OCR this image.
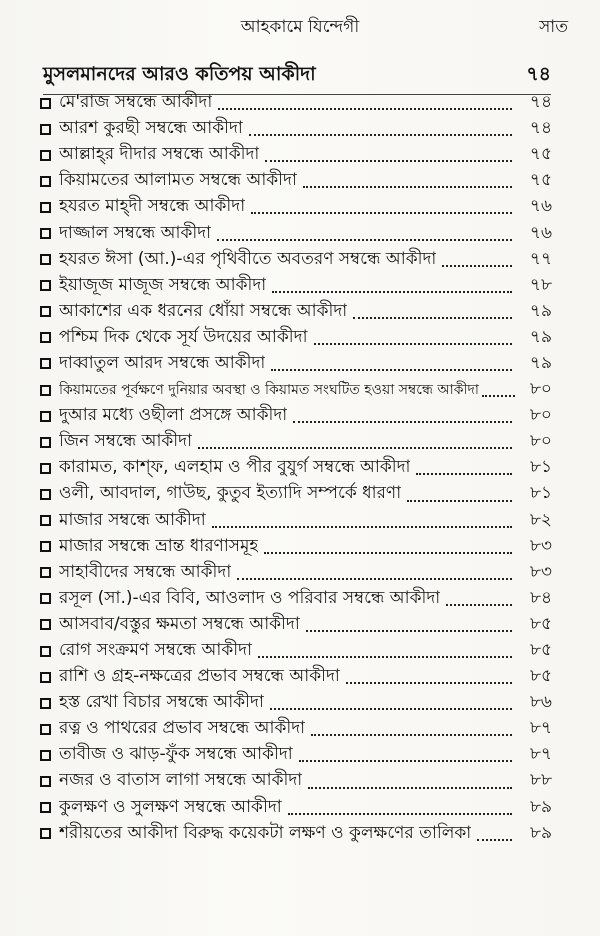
আহকামে যিন্দেগী	সাত
মুসলমানদের আরও কতিপয় আকীদা	৭৪
মে'রাজ সম্বন্ধে আকীদা	৭৪
আরশ কুরছী সম্বন্ধে আকীদা	৭৪
আল্লাহ্‌র দীদার সম্বন্ধে আকীদা	৭৫
কিয়ামতের আলামত সম্বন্ধে আকীদা	৭৫
হযরত মাহ্‌দী সম্বন্ধে আকীদা	৭৬
দাজ্জাল সম্বন্ধে আকীদা	৭৬
হযরত ঈসা (আ.)-এর পৃথিবীতে অবতরণ সম্বন্ধে আকীদা	৭৭
ইয়াজূজ মাজূজ সম্বন্ধে আকীদা	৭৮
আকাশের এক ধরনের ধোঁয়া সম্বন্ধে আকীদা	৭৯
পশ্চিম দিক থেকে সূর্য উদয়ের আকীদা	৭৯
দাব্বাতুল আরদ সম্বন্ধে আকীদা	৭৯
কিয়ামতের পূর্বক্ষণে দুনিয়ার অবস্থা ও কিয়ামত সংঘটিত হওয়া সম্বন্ধে আকীদা	৮০
দুআর মধ্যে ওছীলা প্রসঙ্গে আকীদা	৮০
জিন সম্বন্ধে আকীদা	৮০
কারামত, কাশ্‌ফ, এলহাম ও পীর বুযুর্গ সম্বন্ধে আকীদা	৮১
ওলী, আবদাল, গাউছ, কুতুব ইত্যাদি সম্পর্কে ধারণা	৮১
মাজার সম্বন্ধে আকীদা	৮২
মাজার সম্বন্ধে ভ্রান্ত ধারণাসমূহ	৮৩
সাহাবীদের সম্বন্ধে আকীদা	৮৩
রসূল (সা.)-এর বিবি, আওলাদ ও পরিবার সম্বন্ধে আকীদা	৮৪
আসবাব/বস্তুর ক্ষমতা সম্বন্ধে আকীদা	৮৫
রোগ সংক্রমণ সম্বন্ধে আকীদা	৮৫
রাশি ও গ্রহ-নক্ষত্রের প্রভাব সম্বন্ধে আকীদা	৮৫
হস্ত রেখা বিচার সম্বন্ধে আকীদা	৮৬
রত্ন ও পাথরের প্রভাব সম্বন্ধে আকীদা	৮৭
তাবীজ ও ঝাড়-ফুঁক সম্বন্ধে আকীদা	৮৭
নজর ও বাতাস লাগা সম্বন্ধে আকীদা	৮৮
কুলক্ষণ ও সুলক্ষণ সম্বন্ধে আকীদা	৮৯
শরীয়তের আকীদা বিরুদ্ধ কয়েকটা লক্ষণ ও কুলক্ষণের তালিকা	৮৯
